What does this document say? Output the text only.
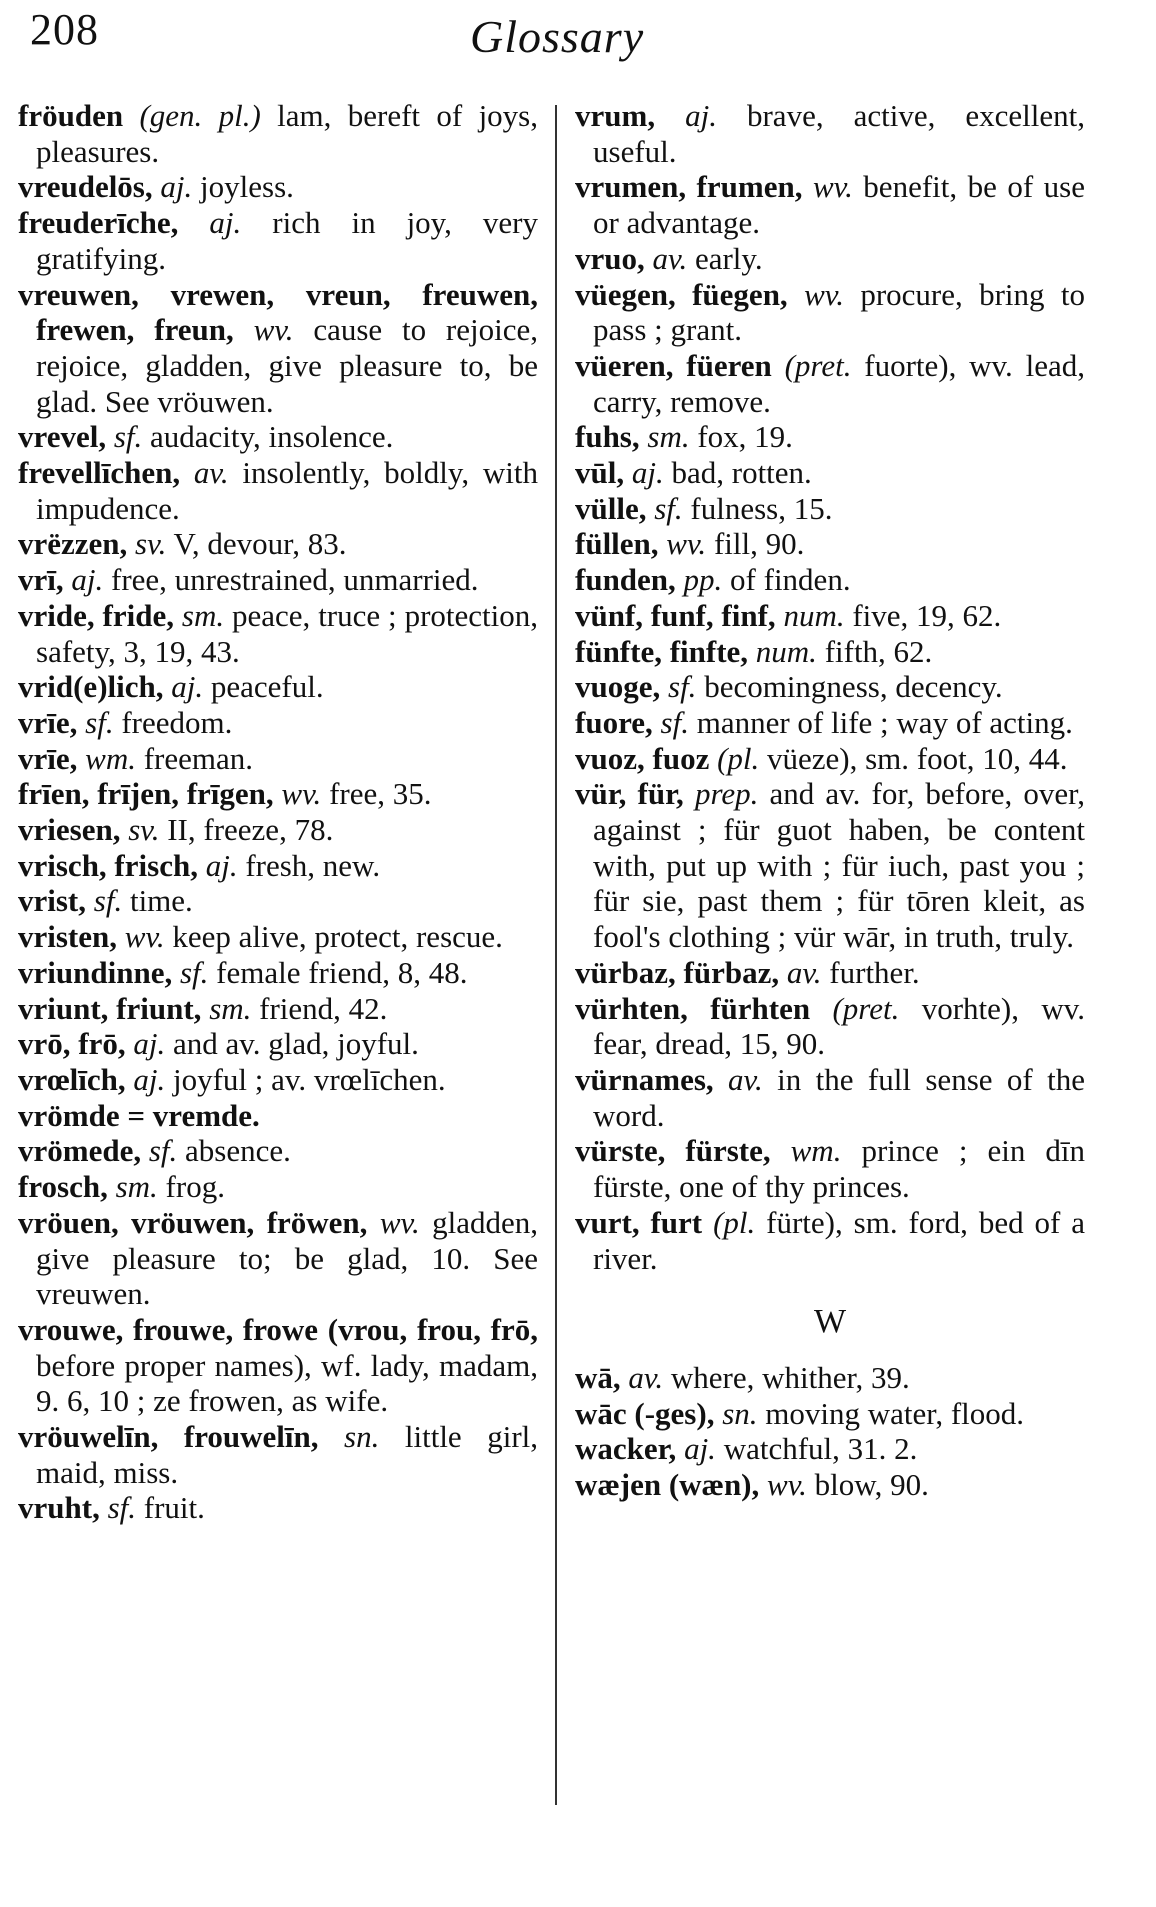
208	Glossary
fröuden (gen. pl.) lam, bereft of joys, pleasures.
vreudelōs, aj. joyless.
freuderīche, aj. rich in joy, very gratifying.
vreuwen, vrewen, vreun, freuwen, frewen, freun, wv. cause to rejoice, rejoice, gladden, give pleasure to, be glad. See vröuwen.
vrevel, sf. audacity, insolence.
frevellīchen, av. insolently, boldly, with impudence.
vrëzzen, sv. V, devour, 83.
vrī, aj. free, unrestrained, unmarried.
vride, fride, sm. peace, truce ; protection, safety, 3, 19, 43.
vrid(e)lich, aj. peaceful.
vrīe, sf. freedom.
vrīe, wm. freeman.
frīen, frījen, frīgen, wv. free, 35.
vriesen, sv. II, freeze, 78.
vrisch, frisch, aj. fresh, new.
vrist, sf. time.
vristen, wv. keep alive, protect, rescue.
vriundinne, sf. female friend, 8, 48.
vriunt, friunt, sm. friend, 42.
vrō, frō, aj. and av. glad, joyful.
vrœlīch, aj. joyful ; av. vrœlīchen.
vrömde = vremde.
vrömede, sf. absence.
frosch, sm. frog.
vröuen, vröuwen, fröwen, wv. gladden, give pleasure to; be glad, 10. See vreuwen.
vrouwe, frouwe, frowe (vrou, frou, frō, before proper names), wf. lady, madam, 9. 6, 10 ; ze frowen, as wife.
vröuwelīn, frouwelīn, sn. little girl, maid, miss.
vruht, sf. fruit.
vrum, aj. brave, active, excellent, useful.
vrumen, frumen, wv. benefit, be of use or advantage.
vruo, av. early.
vüegen, füegen, wv. procure, bring to pass ; grant.
vüeren, füeren (pret. fuorte), wv. lead, carry, remove.
fuhs, sm. fox, 19.
vūl, aj. bad, rotten.
vülle, sf. fulness, 15.
füllen, wv. fill, 90.
funden, pp. of finden.
vünf, funf, finf, num. five, 19, 62.
fünfte, finfte, num. fifth, 62.
vuoge, sf. becomingness, decency.
fuore, sf. manner of life ; way of acting.
vuoz, fuoz (pl. vüeze), sm. foot, 10, 44.
vür, für, prep. and av. for, before, over, against ; für guot haben, be content with, put up with ; für iuch, past you ; für sie, past them ; für tōren kleit, as fool's clothing ; vür wār, in truth, truly.
vürbaz, fürbaz, av. further.
vürhten, fürhten (pret. vorhte), wv. fear, dread, 15, 90.
vürnames, av. in the full sense of the word.
vürste, fürste, wm. prince ; ein dīn fürste, one of thy princes.
vurt, furt (pl. fürte), sm. ford, bed of a river.
W
wā, av. where, whither, 39.
wāc (-ges), sn. moving water, flood.
wacker, aj. watchful, 31. 2.
wæjen (wæn), wv. blow, 90.
